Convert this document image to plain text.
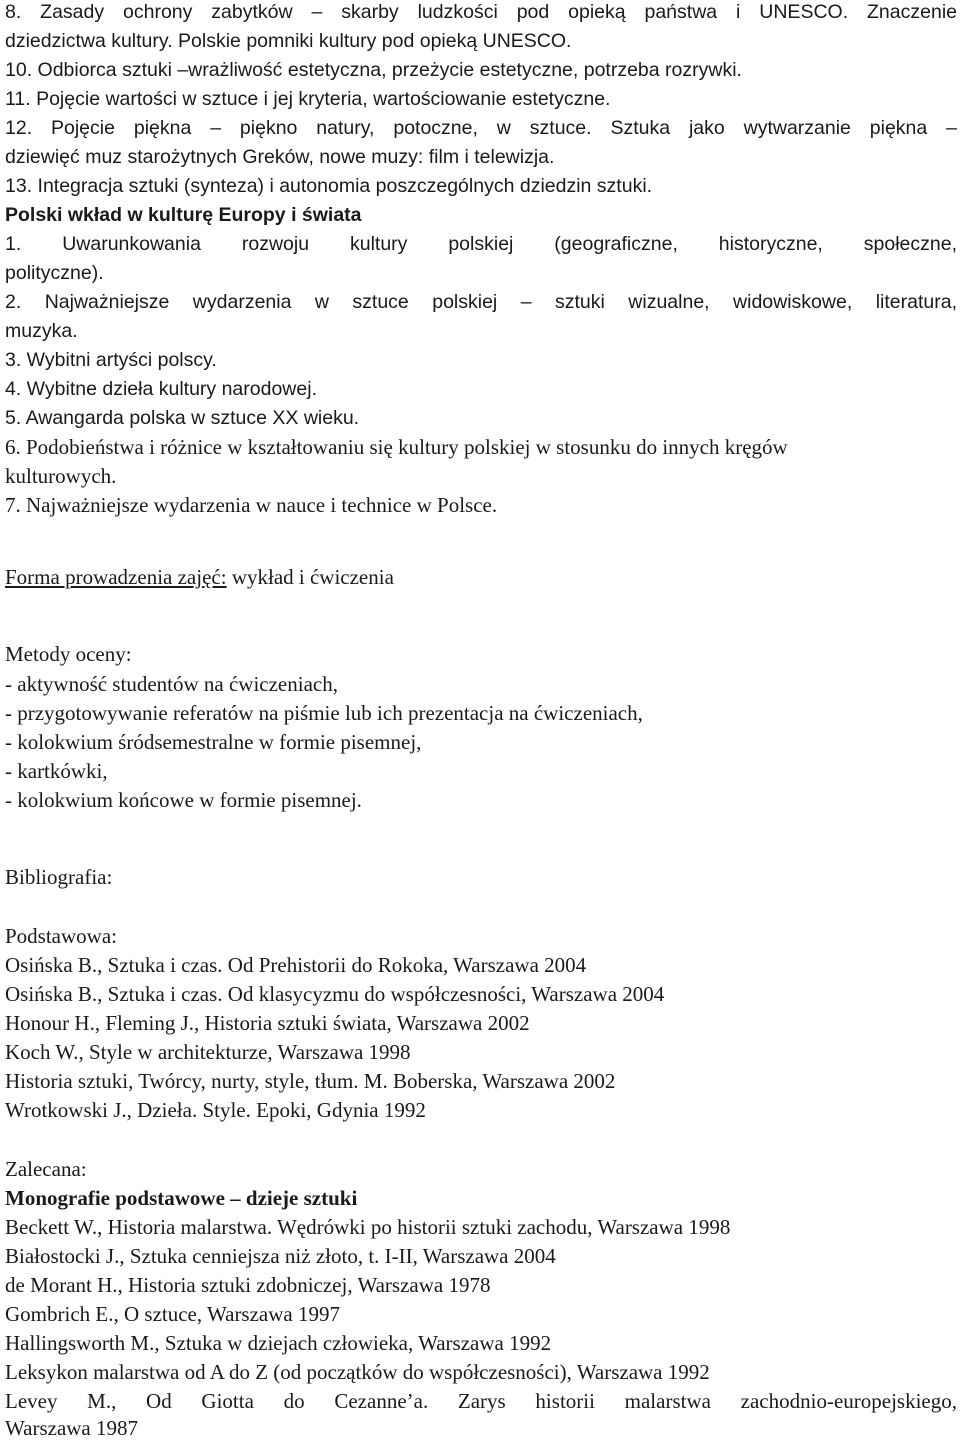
8. Zasady ochrony zabytków – skarby ludzkości pod opieką państwa i UNESCO. Znaczenie
dziedzictwa kultury. Polskie pomniki kultury pod opieką UNESCO.
10. Odbiorca sztuki –wrażliwość estetyczna, przeżycie estetyczne, potrzeba rozrywki.
11. Pojęcie wartości w sztuce i jej kryteria, wartościowanie estetyczne.
12. Pojęcie piękna – piękno natury, potoczne, w sztuce. Sztuka jako wytwarzanie piękna –
dziewięć muz starożytnych Greków, nowe muzy: film i telewizja.
13. Integracja sztuki (synteza) i autonomia poszczególnych dziedzin sztuki.
Polski wkład w kulturę Europy i świata
1. Uwarunkowania rozwoju kultury polskiej (geograficzne, historyczne, społeczne,
polityczne).
2. Najważniejsze wydarzenia w sztuce polskiej – sztuki wizualne, widowiskowe, literatura,
muzyka.
3. Wybitni artyści polscy.
4. Wybitne dzieła kultury narodowej.
5. Awangarda polska w sztuce XX wieku.
6. Podobieństwa i różnice w kształtowaniu się kultury polskiej w stosunku do innych kręgów
kulturowych.
7. Najważniejsze wydarzenia w nauce i technice w Polsce.
Forma prowadzenia zajęć: wykład i ćwiczenia
Metody oceny:
- aktywność studentów na ćwiczeniach,
- przygotowywanie referatów na piśmie lub ich prezentacja na ćwiczeniach,
- kolokwium śródsemestralne w formie pisemnej,
- kartkówki,
- kolokwium końcowe w formie pisemnej.
Bibliografia:
Podstawowa:
Osińska B., Sztuka i czas. Od Prehistorii do Rokoka, Warszawa 2004
Osińska B., Sztuka i czas. Od klasycyzmu do współczesności, Warszawa 2004
Honour H., Fleming J., Historia sztuki świata, Warszawa 2002
Koch W., Style w architekturze, Warszawa 1998
Historia sztuki, Twórcy, nurty, style, tłum. M. Boberska, Warszawa 2002
Wrotkowski J., Dzieła. Style. Epoki, Gdynia 1992
Zalecana:
Monografie podstawowe – dzieje sztuki
Beckett W., Historia malarstwa. Wędrówki po historii sztuki zachodu, Warszawa 1998
Białostocki J., Sztuka cenniejsza niż złoto, t. I-II, Warszawa 2004
de Morant H., Historia sztuki zdobniczej, Warszawa 1978
Gombrich E., O sztuce, Warszawa 1997
Hallingsworth M., Sztuka w dziejach człowieka, Warszawa 1992
Leksykon malarstwa od A do Z (od początków do współczesności), Warszawa 1992
Levey M., Od Giotta do Cezanne’a. Zarys historii malarstwa zachodnio-europejskiego,
Warszawa 1987
